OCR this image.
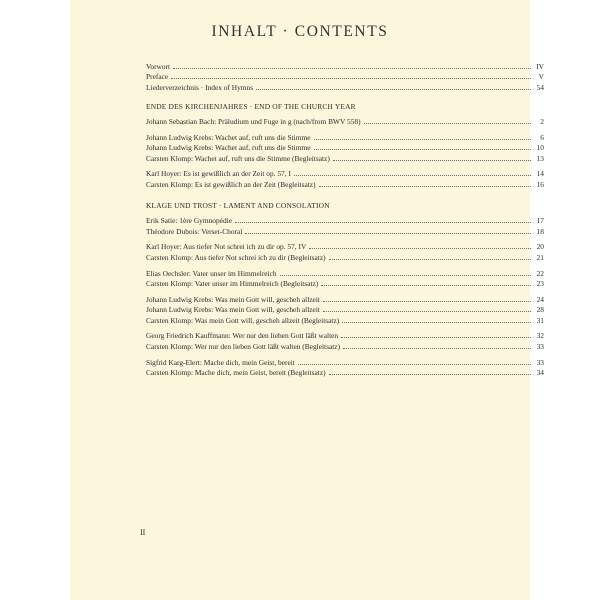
INHALT · CONTENTS
Vorwort	IV
Preface	V
Liederverzeichnis · Index of Hymns	54
ENDE DES KIRCHENJAHRES · END OF THE CHURCH YEAR
Johann Sebastian Bach: Präludium und Fuge in g (nach/from BWV 558)	2
Johann Ludwig Krebs: Wachet auf, ruft uns die Stimme	6
Johann Ludwig Krebs: Wachet auf, ruft uns die Stimme	10
Carsten Klomp: Wachet auf, ruft uns die Stimme (Begleitsatz)	13
Karl Hoyer: Es ist gewißlich an der Zeit op. 57, I	14
Carsten Klomp: Es ist gewißlich an der Zeit (Begleitsatz)	16
KLAGE UND TROST · LAMENT AND CONSOLATION
Erik Satie: 1ère Gymnopédie	17
Théodore Dubois: Verset-Choral	18
Karl Hoyer: Aus tiefer Not schrei ich zu dir op. 57, IV	20
Carsten Klomp: Aus tiefer Not schrei ich zu dir (Begleitsatz)	21
Elias Oechsler: Vater unser im Himmelreich	22
Carsten Klomp: Vater unser im Himmelreich (Begleitsatz)	23
Johann Ludwig Krebs: Was mein Gott will, gescheh allzeit	24
Johann Ludwig Krebs: Was mein Gott will, gescheh allzeit	28
Carsten Klomp: Was mein Gott will, gescheh allzeit (Begleitsatz)	31
Georg Friedrich Kauffmann: Wer nur den lieben Gott läßt walten	32
Carsten Klomp: Wer nur den lieben Gott läßt walten (Begleitsatz)	33
Sigfrid Karg-Elert: Mache dich, mein Geist, bereit	33
Carsten Klomp: Mache dich, mein Geist, bereit (Begleitsatz)	34
II
